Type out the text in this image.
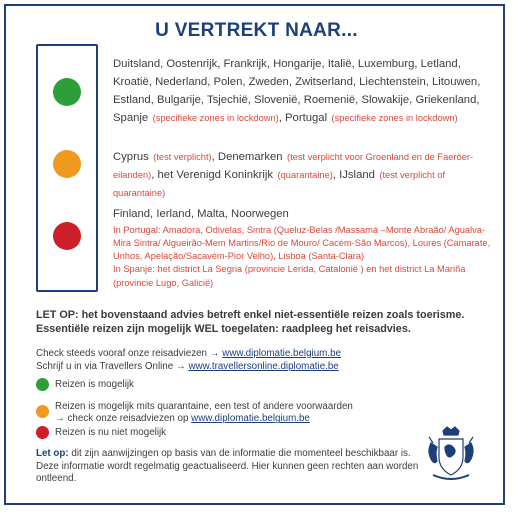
U VERTREKT NAAR...
Duitsland, Oostenrijk, Frankrijk, Hongarije, Italië, Luxemburg, Letland, Kroatië, Nederland, Polen, Zweden, Zwitserland, Liechtenstein, Litouwen, Estland, Bulgarije, Tsjechië, Slovenië, Roemenië, Slowakije, Griekenland, Spanje (specifieke zones in lockdown), Portugal (specifieke zones in lockdown)
Cyprus (test verplicht), Denemarken (test verplicht voor Groenland en de Faeröer-eilanden), het Verenigd Koninkrijk (quarantaine), IJsland (test verplicht of quarantaine)
Finland, Ierland, Malta, Noorwegen
In Portugal: Amadora, Odivelas, Sintra (Queluz-Belas /Massamá –Monte Abraão/ Agualva-Mira Sintra/ Algueirão-Mem Martins/Rio de Mouro/ Cacém-São Marcos), Loures (Camarate, Unhos, Apelação/Sacavém-Pior Velho), Lisboa (Santa-Clara)
In Spanje: het district La Segria (provincie Lerida, Catalonië ) en het district La Mariña (provincie Lugo, Galicië)
LET OP: het bovenstaand advies betreft enkel niet-essentiële reizen zoals toerisme. Essentiële reizen zijn mogelijk WEL toegelaten: raadpleeg het reisadvies.
Check steeds vooraf onze reisadviezen → www.diplomatie.belgium.be
Schrijf u in via Travellers Online → www.travellersonline.diplomatie.be
Reizen is mogelijk
Reizen is mogelijk mits quarantaine, een test of andere voorwaarden
→ check onze reisadviezen op www.diplomatie.belgium.be
Reizen is nu niet mogelijk
Let op: dit zijn aanwijzingen op basis van de informatie die momenteel beschikbaar is. Deze informatie wordt regelmatig geactualiseerd. Hier kunnen geen rechten aan worden ontleend.
